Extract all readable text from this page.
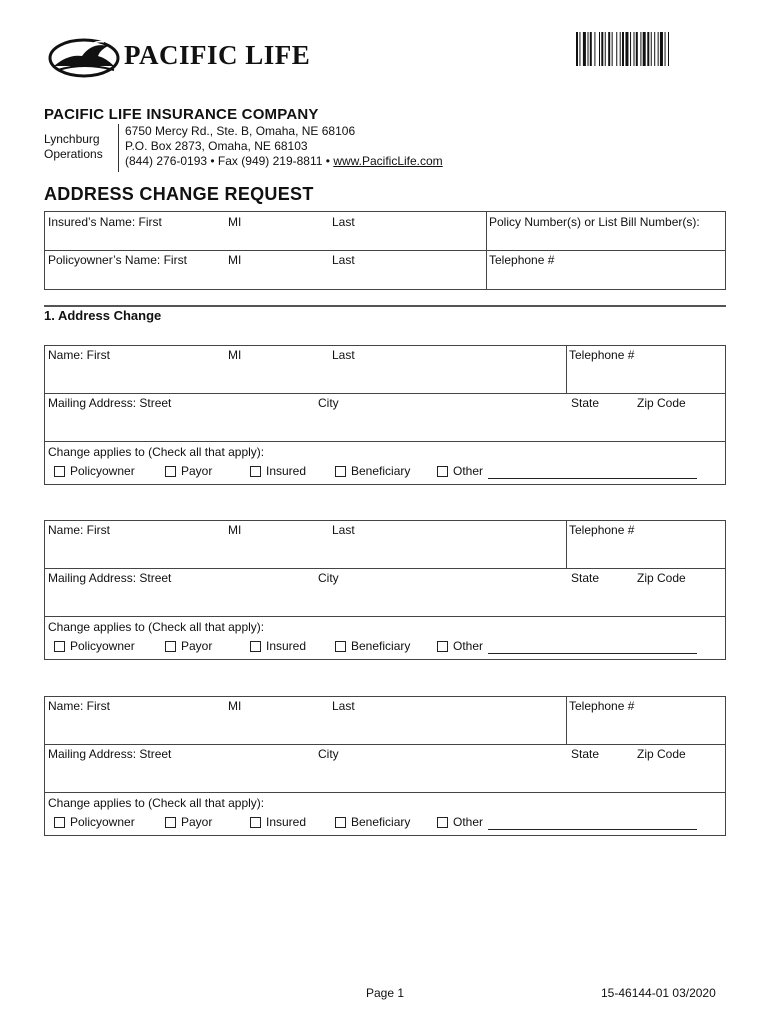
PACIFIC LIFE
PACIFIC LIFE INSURANCE COMPANY
Lynchburg
Operations
6750 Mercy Rd., Ste. B, Omaha, NE 68106
P.O. Box 2873, Omaha, NE 68103
(844) 276-0193 • Fax (949) 219-8811 • www.PacificLife.com
ADDRESS CHANGE REQUEST
Insured’s Name: First	MI	Last	Policy Number(s) or List Bill Number(s):
Policyowner’s Name: First	MI	Last	Telephone #
1. Address Change
Name: First	MI	Last	Telephone #
Mailing Address: Street	City	State	Zip Code
Change applies to (Check all that apply):
Policyowner	Payor	Insured	Beneficiary	Other
Name: First	MI	Last	Telephone #
Mailing Address: Street	City	State	Zip Code
Change applies to (Check all that apply):
Policyowner	Payor	Insured	Beneficiary	Other
Name: First	MI	Last	Telephone #
Mailing Address: Street	City	State	Zip Code
Change applies to (Check all that apply):
Policyowner	Payor	Insured	Beneficiary	Other
Page 1	15-46144-01 03/2020
